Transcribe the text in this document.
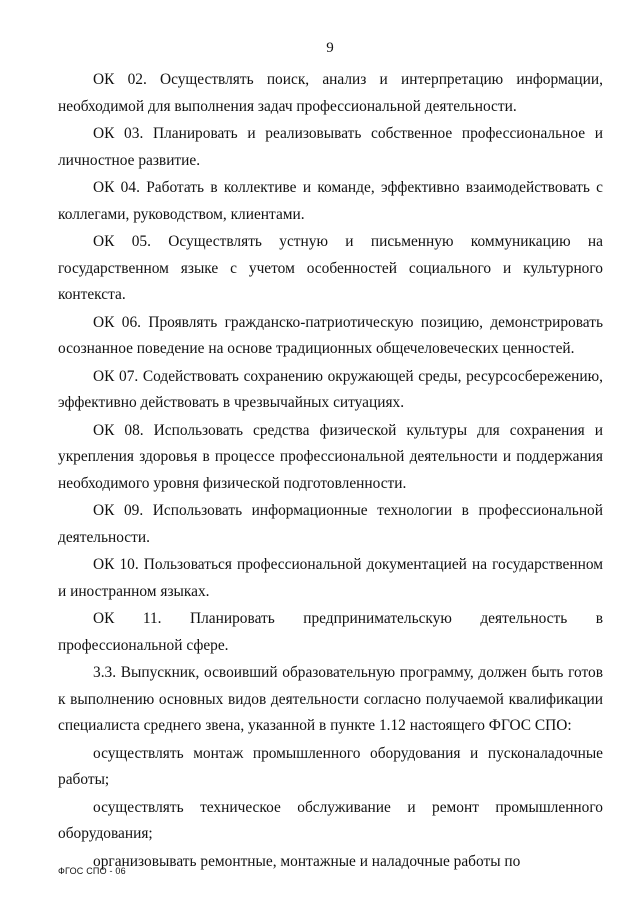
9

ОК 02. Осуществлять поиск, анализ и интерпретацию информации, необходимой для выполнения задач профессиональной деятельности.

ОК 03. Планировать и реализовывать собственное профессиональное и личностное развитие.

ОК 04. Работать в коллективе и команде, эффективно взаимодействовать с коллегами, руководством, клиентами.

ОК 05. Осуществлять устную и письменную коммуникацию на государственном языке с учетом особенностей социального и культурного контекста.

ОК 06. Проявлять гражданско-патриотическую позицию, демонстрировать осознанное поведение на основе традиционных общечеловеческих ценностей.

ОК 07. Содействовать сохранению окружающей среды, ресурсосбережению, эффективно действовать в чрезвычайных ситуациях.

ОК 08. Использовать средства физической культуры для сохранения и укрепления здоровья в процессе профессиональной деятельности и поддержания необходимого уровня физической подготовленности.

ОК 09. Использовать информационные технологии в профессиональной деятельности.

ОК 10. Пользоваться профессиональной документацией на государственном и иностранном языках.

ОК 11. Планировать предпринимательскую деятельность в профессиональной сфере.

3.3. Выпускник, освоивший образовательную программу, должен быть готов к выполнению основных видов деятельности согласно получаемой квалификации специалиста среднего звена, указанной в пункте 1.12 настоящего ФГОС СПО:

осуществлять монтаж промышленного оборудования и пусконаладочные работы;

осуществлять техническое обслуживание и ремонт промышленного оборудования;

организовывать ремонтные, монтажные и наладочные работы по

ФГОС СПО - 06
